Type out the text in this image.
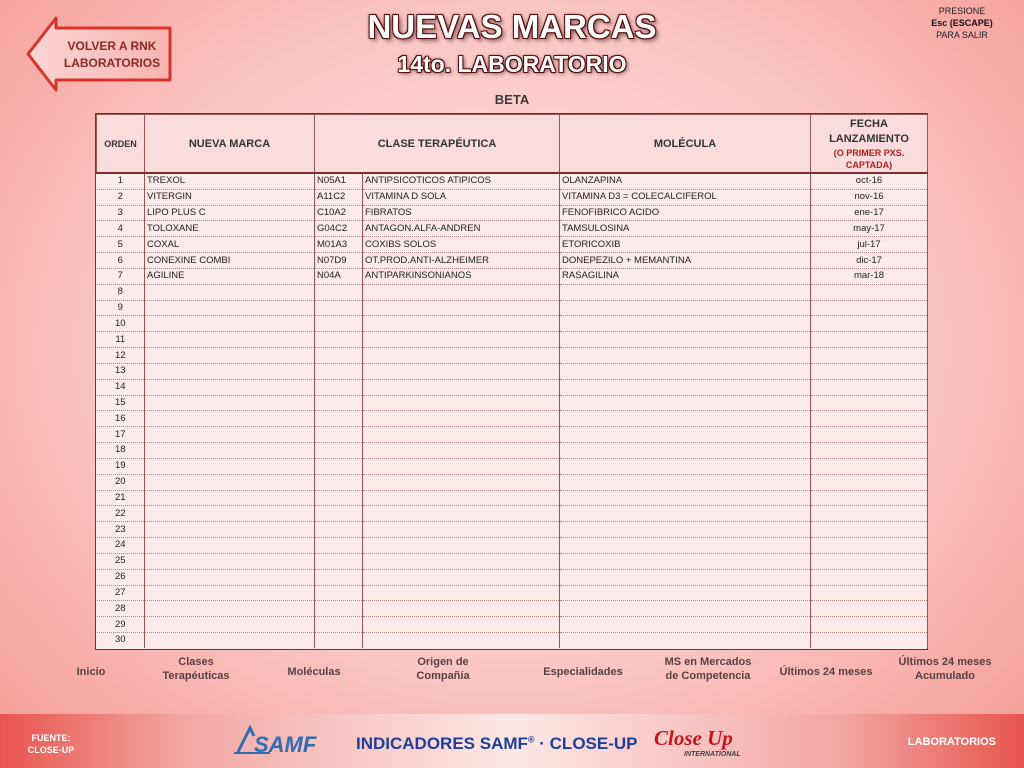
VOLVER A RNK
LABORATORIOS
NUEVAS MARCAS
14to. LABORATORIO
PRESIONE
Esc (ESCAPE)
PARA SALIR
BETA
ORDEN	NUEVA MARCA	CLASE TERAPÉUTICA		MOLÉCULA	FECHA LANZAMIENTO
(O PRIMER PXS. CAPTADA)

1	TREXOL	N05A1	ANTIPSICOTICOS ATIPICOS	OLANZAPINA	oct-16
2	VITERGIN	A11C2	VITAMINA D SOLA	VITAMINA D3 = COLECALCIFEROL	nov-16
3	LIPO PLUS C	C10A2	FIBRATOS	FENOFIBRICO ACIDO	ene-17
4	TOLOXANE	G04C2	ANTAGON.ALFA-ANDREN	TAMSULOSINA	may-17
5	COXAL	M01A3	COXIBS SOLOS	ETORICOXIB	jul-17
6	CONEXINE COMBI	N07D9	OT.PROD.ANTI-ALZHEIMER	DONEPEZILO + MEMANTINA	dic-17
7	AGILINE	N04A	ANTIPARKINSONIANOS	RASAGILINA	mar-18
8					
9					
10					
11					
12					
13					
14					
15					
16					
17					
18					
19					
20					
21					
22					
23					
24					
25					
26					
27					
28					
29					
30					
Inicio
Clases
Terapéuticas	Moléculas
Origen de
Compañía	Especialidades
MS en Mercados
de Competencia	Últimos 24 meses
Últimos 24 meses
Acumulado
FUENTE:
CLOSE-UP	SAMF INDICADORES SAMF® · CLOSE-UP Close Up
INTERNATIONAL
LABORATORIOS
